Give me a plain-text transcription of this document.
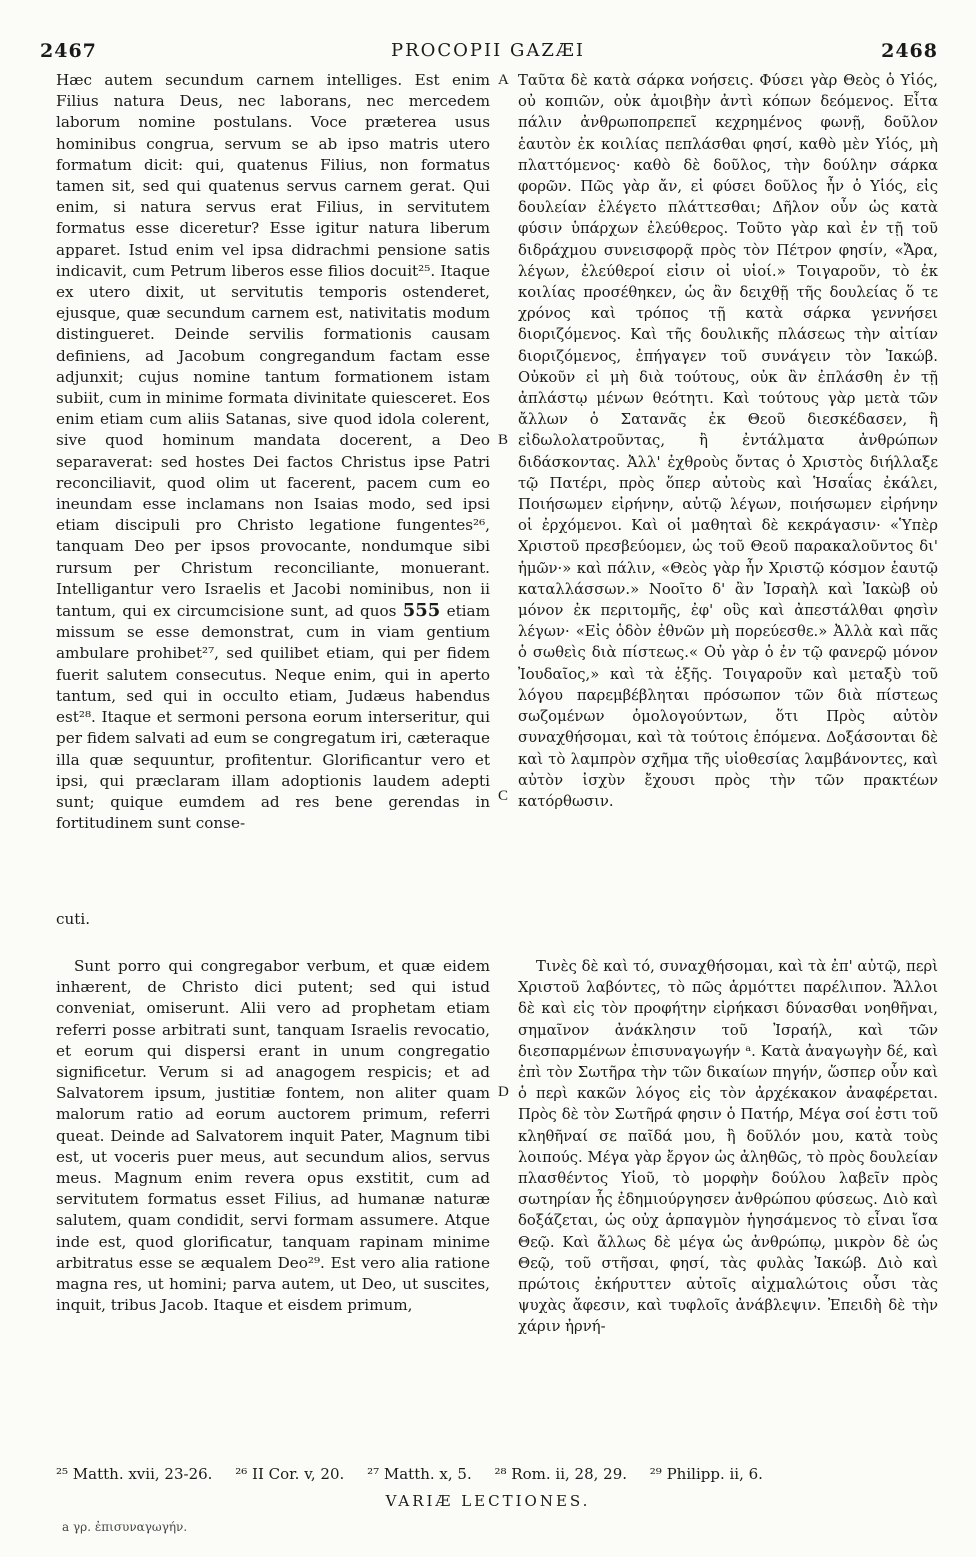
2467	PROCOPII GAZÆI	2468

Hæc autem secundum carnem intelliges. Est enim Filius natura Deus, nec laborans, nec mercedem laborum nomine postulans. Voce præterea usus hominibus congrua, servum se ab ipso matris utero formatum dicit: qui, quatenus Filius, non formatus tamen sit, sed qui quatenus servus carnem gerat. Qui enim, si natura servus erat Filius, in servitutem formatus esse diceretur? Esse igitur natura liberum apparet. Istud enim vel ipsa didrachmi pensione satis indicavit, cum Petrum liberos esse filios docuit²⁵. Itaque ex utero dixit, ut servitutis temporis ostenderet, ejusque, quæ secundum carnem est, nativitatis modum distingueret. Deinde servilis formationis causam definiens, ad Jacobum congregandum factam esse adjunxit; cujus nomine tantum formationem istam subiit, cum in minime formata divinitate quiesceret. Eos enim etiam cum aliis Satanas, sive quod idola colerent, sive quod hominum mandata docerent, a Deo separaverat: sed hostes Dei factos Christus ipse Patri reconciliavit, quod olim ut facerent, pacem cum eo ineundam esse inclamans non Isaias modo, sed ipsi etiam discipuli pro Christo legatione fungentes²⁶, tanquam Deo per ipsos provocante, nondumque sibi rursum per Christum reconciliante, monuerant. Intelligantur vero Israelis et Jacobi nominibus, non ii tantum, qui ex circumcisione sunt, ad quos 555 etiam missum se esse demonstrat, cum in viam gentium ambulare prohibet²⁷, sed quilibet etiam, qui per fidem fuerit salutem consecutus. Neque enim, qui in aperto tantum, sed qui in occulto etiam, Judæus habendus est²⁸. Itaque et sermoni persona eorum interseritur, qui per fidem salvati ad eum se congregatum iri, cæteraque illa quæ sequuntur, profitentur. Glorificantur vero et ipsi, qui præclaram illam adoptionis laudem adepti sunt; quique eumdem ad res bene gerendas in fortitudinem sunt conse-

Ταῦτα δὲ κατὰ σάρκα νοήσεις. Φύσει γὰρ Θεὸς ὁ Υἱός, οὐ κοπιῶν, οὐκ ἀμοιβὴν ἀντὶ κόπων δεόμενος. Εἶτα πάλιν ἀνθρωποπρεπεῖ κεχρημένος φωνῇ, δοῦλον ἑαυτὸν ἐκ κοιλίας πεπλάσθαι φησί, καθὸ μὲν Υἱός, μὴ πλαττόμενος· καθὸ δὲ δοῦλος, τὴν δούλην σάρκα φορῶν. Πῶς γὰρ ἄν, εἰ φύσει δοῦλος ἦν ὁ Υἱός, εἰς δουλείαν ἐλέγετο πλάττεσθαι; Δῆλον οὖν ὡς κατὰ φύσιν ὑπάρχων ἐλεύθερος. Τοῦτο γὰρ καὶ ἐν τῇ τοῦ διδράχμου συνεισφορᾷ πρὸς τὸν Πέτρον φησίν, «Ἄρα, λέγων, ἐλεύθεροί εἰσιν οἱ υἱοί.» Τοιγαροῦν, τὸ ἐκ κοιλίας προσέθηκεν, ὡς ἂν δειχθῇ τῆς δουλείας ὅ τε χρόνος καὶ τρόπος τῇ κατὰ σάρκα γεννήσει διοριζόμενος. Καὶ τῆς δουλικῆς πλάσεως τὴν αἰτίαν διοριζόμενος, ἐπήγαγεν τοῦ συνάγειν τὸν Ἰακώβ. Οὐκοῦν εἰ μὴ διὰ τούτους, οὐκ ἂν ἐπλάσθη ἐν τῇ ἀπλάστῳ μένων θεότητι. Καὶ τούτους γὰρ μετὰ τῶν ἄλλων ὁ Σατανᾶς ἐκ Θεοῦ διεσκέδασεν, ἢ εἰδωλολατροῦντας, ἢ ἐντάλματα ἀνθρώπων διδάσκοντας. Ἀλλ' ἐχθροὺς ὄντας ὁ Χριστὸς διήλλαξε τῷ Πατέρι, πρὸς ὅπερ αὐτοὺς καὶ Ἡσαΐας ἐκάλει, Ποιήσωμεν εἰρήνην, αὐτῷ λέγων, ποιήσωμεν εἰρήνην οἱ ἐρχόμενοι. Καὶ οἱ μαθηταὶ δὲ κεκράγασιν· «Ὑπὲρ Χριστοῦ πρεσβεύομεν, ὡς τοῦ Θεοῦ παρακαλοῦντος δι' ἡμῶν·» καὶ πάλιν, «Θεὸς γὰρ ἦν Χριστῷ κόσμον ἑαυτῷ καταλλάσσων.» Νοοῖτο δ' ἂν Ἰσραὴλ καὶ Ἰακὼβ οὐ μόνον ἐκ περιτομῆς, ἐφ' οὓς καὶ ἀπεστάλθαι φησὶν λέγων· «Εἰς ὁδὸν ἐθνῶν μὴ πορεύεσθε.» Ἀλλὰ καὶ πᾶς ὁ σωθεὶς διὰ πίστεως.« Οὐ γὰρ ὁ ἐν τῷ φανερῷ μόνον Ἰουδαῖος,» καὶ τὰ ἑξῆς. Τοιγαροῦν καὶ μεταξὺ τοῦ λόγου παρεμβέβληται πρόσωπον τῶν διὰ πίστεως σωζομένων ὁμολογούντων, ὅτι Πρὸς αὐτὸν συναχθήσομαι, καὶ τὰ τούτοις ἑπόμενα. Δοξάσονται δὲ καὶ τὸ λαμπρὸν σχῆμα τῆς υἱοθεσίας λαμβάνοντες, καὶ αὐτὸν ἰσχὺν ἔχουσι πρὸς τὴν τῶν πρακτέων κατόρθωσιν.

cuti.

Sunt porro qui congregabor verbum, et quæ eidem inhærent, de Christo dici putent; sed qui istud conveniat, omiserunt. Alii vero ad prophetam etiam referri posse arbitrati sunt, tanquam Israelis revocatio, et eorum qui dispersi erant in unum congregatio significetur. Verum si ad anagogem respicis; et ad Salvatorem ipsum, justitiæ fontem, non aliter quam malorum ratio ad eorum auctorem primum, referri queat. Deinde ad Salvatorem inquit Pater, Magnum tibi est, ut voceris puer meus, aut secundum alios, servus meus. Magnum enim revera opus exstitit, cum ad servitutem formatus esset Filius, ad humanæ naturæ salutem, quam condidit, servi formam assumere. Atque inde est, quod glorificatur, tanquam rapinam minime arbitratus esse se æqualem Deo²⁹. Est vero alia ratione magna res, ut homini; parva autem, ut Deo, ut suscites, inquit, tribus Jacob. Itaque et eisdem primum,

Τινὲς δὲ καὶ τό, συναχθήσομαι, καὶ τὰ ἐπ' αὐτῷ, περὶ Χριστοῦ λαβόντες, τὸ πῶς ἁρμόττει παρέλιπον. Ἄλλοι δὲ καὶ εἰς τὸν προφήτην εἰρήκασι δύνασθαι νοηθῆναι, σημαῖνον ἀνάκλησιν τοῦ Ἰσραήλ, καὶ τῶν διεσπαρμένων ἐπισυναγωγήν ᵃ. Κατὰ ἀναγωγὴν δέ, καὶ ἐπὶ τὸν Σωτῆρα τὴν τῶν δικαίων πηγήν, ὥσπερ οὖν καὶ ὁ περὶ κακῶν λόγος εἰς τὸν ἀρχέκακον ἀναφέρεται. Πρὸς δὲ τὸν Σωτῆρά φησιν ὁ Πατήρ, Μέγα σοί ἐστι τοῦ κληθῆναί σε παῖδά μου, ἢ δοῦλόν μου, κατὰ τοὺς λοιπούς. Μέγα γὰρ ἔργον ὡς ἀληθῶς, τὸ πρὸς δουλείαν πλασθέντος Υἱοῦ, τὸ μορφὴν δούλου λαβεῖν πρὸς σωτηρίαν ἧς ἐδημιούργησεν ἀνθρώπου φύσεως. Διὸ καὶ δοξάζεται, ὡς οὐχ ἁρπαγμὸν ἡγησάμενος τὸ εἶναι ἴσα Θεῷ. Καὶ ἄλλως δὲ μέγα ὡς ἀνθρώπῳ, μικρὸν δὲ ὡς Θεῷ, τοῦ στῆσαι, φησί, τὰς φυλὰς Ἰακώβ. Διὸ καὶ πρώτοις ἐκήρυττεν αὐτοῖς αἰχμαλώτοις οὖσι τὰς ψυχὰς ἄφεσιν, καὶ τυφλοῖς ἀνάβλεψιν. Ἐπειδὴ δὲ τὴν χάριν ἠρνή-

A
B
C
D
²⁵ Matth. xvii, 23-26. ²⁶ II Cor. v, 20. ²⁷ Matth. x, 5. ²⁸ Rom. ii, 28, 29. ²⁹ Philipp. ii, 6.
VARIÆ LECTIONES.
a γρ. ἐπισυναγωγήν.
